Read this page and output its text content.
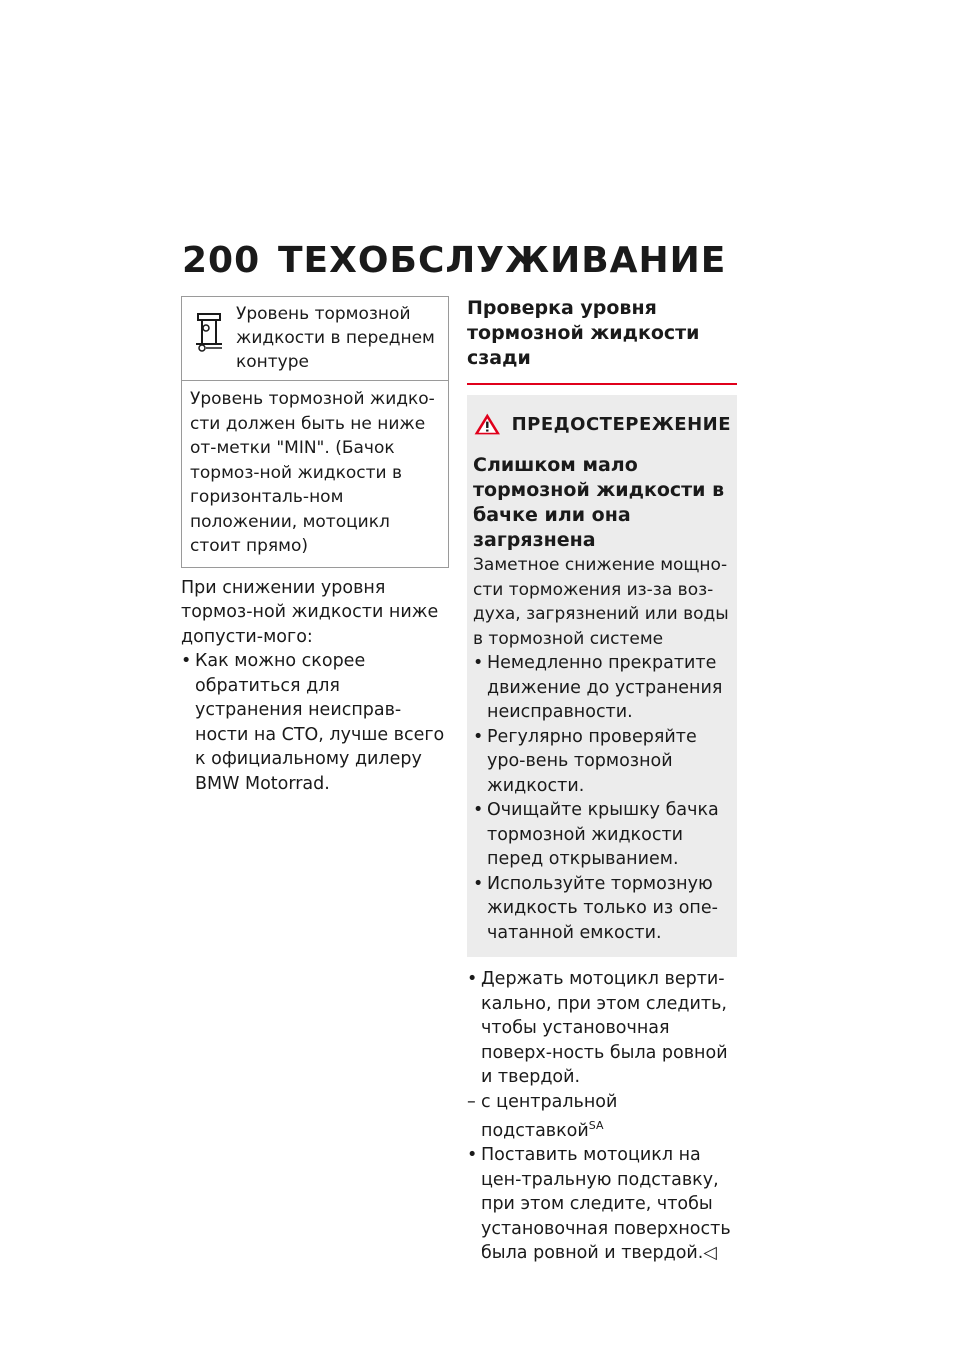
200 ТЕХОБСЛУЖИВАНИЕ
Уровень тормозной жидкости в переднем контуре
Уровень тормозной жидко-сти должен быть не ниже от-метки "MIN". (Бачок тормоз-ной жидкости в горизонталь-ном положении, мотоцикл стоит прямо)
При снижении уровня тормоз-ной жидкости ниже допусти-мого:
• Как можно скорее обратиться для устранения неисправ-ности на СТО, лучше всего к официальному дилеру BMW Motorrad.
Проверка уровня тормозной жидкости сзади
ПРЕДОСТЕРЕЖЕНИЕ
Слишком мало тормозной жидкости в бачке или она загрязнена
Заметное снижение мощно-сти торможения из-за воз-духа, загрязнений или воды в тормозной системе
• Немедленно прекратите движение до устранения неисправности.
• Регулярно проверяйте уро-вень тормозной жидкости.
• Очищайте крышку бачка тормозной жидкости перед открыванием.
• Используйте тормозную жидкость только из опе-чатанной емкости.
• Держать мотоцикл верти-кально, при этом следить, чтобы установочная поверх-ность была ровной и твердой.
– с центральной подставкой$^{SA}$
• Поставить мотоцикл на цен-тральную подставку, при этом следите, чтобы установочная поверхность была ровной и твердой.◁
